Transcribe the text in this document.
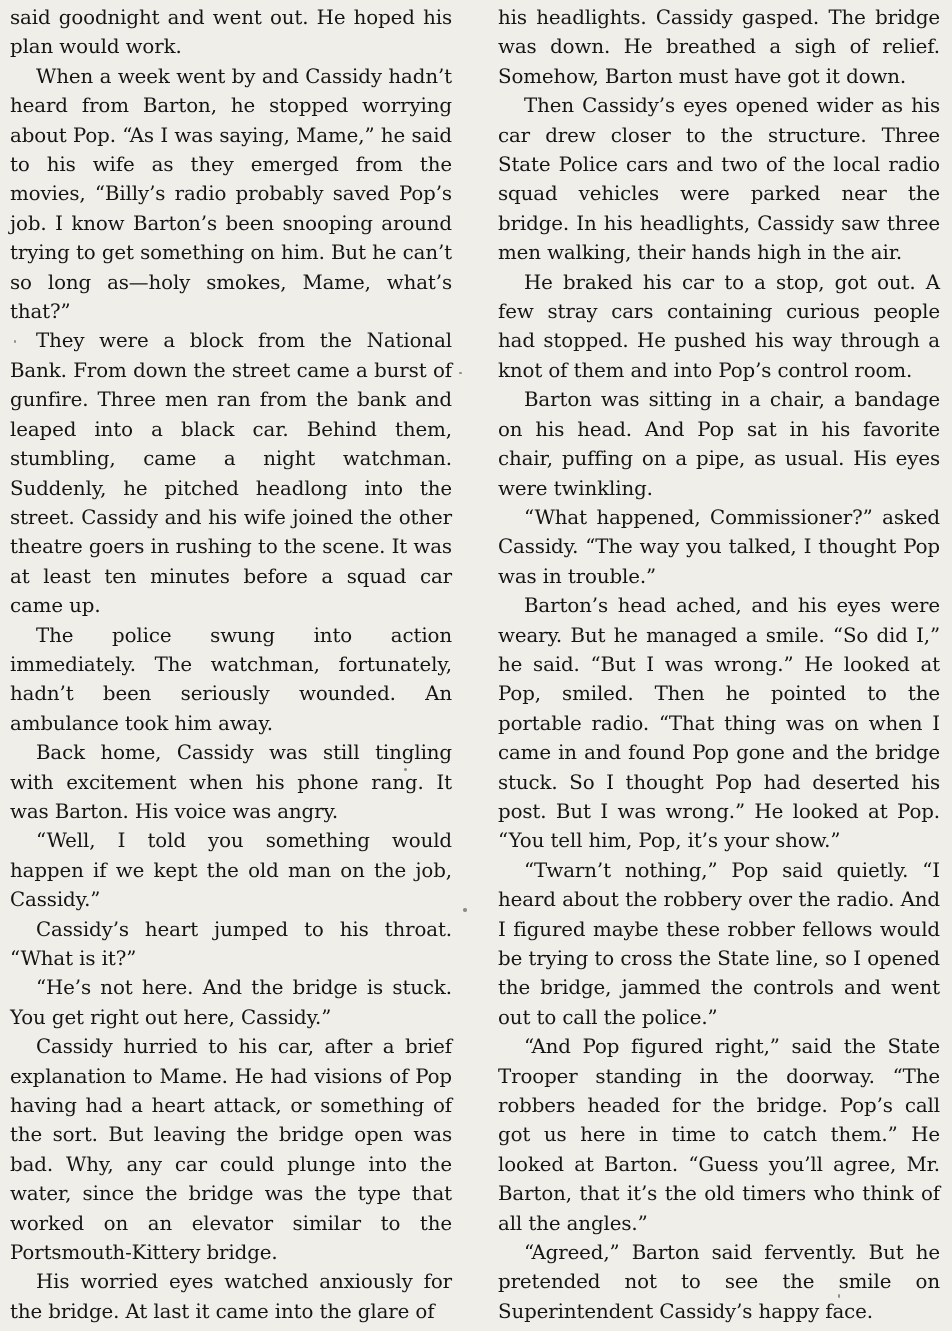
said goodnight and went out. He hoped his plan would work.

When a week went by and Cassidy hadn’t heard from Barton, he stopped worrying about Pop. “As I was saying, Mame,” he said to his wife as they emerged from the movies, “Billy’s radio probably saved Pop’s job. I know Barton’s been snooping around trying to get something on him. But he can’t so long as—holy smokes, Mame, what’s that?”

They were a block from the National Bank. From down the street came a burst of gunfire. Three men ran from the bank and leaped into a black car. Behind them, stumbling, came a night watchman. Suddenly, he pitched headlong into the street. Cassidy and his wife joined the other theatre goers in rushing to the scene. It was at least ten minutes before a squad car came up.

The police swung into action immediately. The watchman, fortunately, hadn’t been seriously wounded. An ambulance took him away.

Back home, Cassidy was still tingling with excitement when his phone rang. It was Barton. His voice was angry.

“Well, I told you something would happen if we kept the old man on the job, Cassidy.”

Cassidy’s heart jumped to his throat. “What is it?”

“He’s not here. And the bridge is stuck. You get right out here, Cassidy.”

Cassidy hurried to his car, after a brief explanation to Mame. He had visions of Pop having had a heart attack, or something of the sort. But leaving the bridge open was bad. Why, any car could plunge into the water, since the bridge was the type that worked on an elevator similar to the Portsmouth-Kittery bridge.

His worried eyes watched anxiously for the bridge. At last it came into the glare of

his headlights. Cassidy gasped. The bridge was down. He breathed a sigh of relief. Somehow, Barton must have got it down.

Then Cassidy’s eyes opened wider as his car drew closer to the structure. Three State Police cars and two of the local radio squad vehicles were parked near the bridge. In his headlights, Cassidy saw three men walking, their hands high in the air.

He braked his car to a stop, got out. A few stray cars containing curious people had stopped. He pushed his way through a knot of them and into Pop’s control room.

Barton was sitting in a chair, a bandage on his head. And Pop sat in his favorite chair, puffing on a pipe, as usual. His eyes were twinkling.

“What happened, Commissioner?” asked Cassidy. “The way you talked, I thought Pop was in trouble.”

Barton’s head ached, and his eyes were weary. But he managed a smile. “So did I,” he said. “But I was wrong.” He looked at Pop, smiled. Then he pointed to the portable radio. “That thing was on when I came in and found Pop gone and the bridge stuck. So I thought Pop had deserted his post. But I was wrong.” He looked at Pop. “You tell him, Pop, it’s your show.”

“Twarn’t nothing,” Pop said quietly. “I heard about the robbery over the radio. And I figured maybe these robber fellows would be trying to cross the State line, so I opened the bridge, jammed the controls and went out to call the police.”

“And Pop figured right,” said the State Trooper standing in the doorway. “The robbers headed for the bridge. Pop’s call got us here in time to catch them.” He looked at Barton. “Guess you’ll agree, Mr. Barton, that it’s the old timers who think of all the angles.”

“Agreed,” Barton said fervently. But he pretended not to see the smile on Superintendent Cassidy’s happy face.
